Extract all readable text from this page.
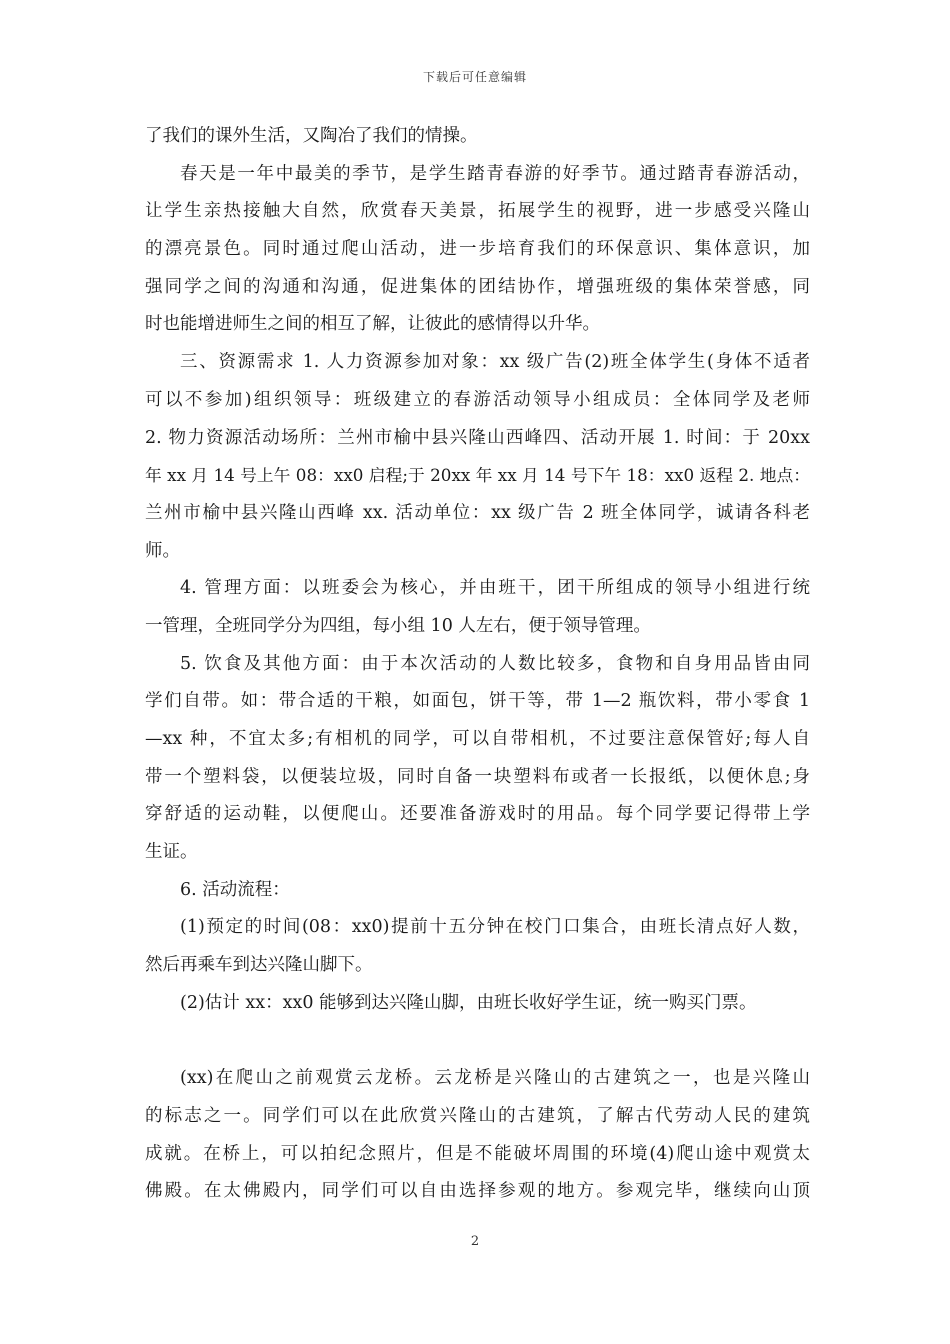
下载后可任意编辑
了我们的课外生活，又陶冶了我们的情操。
春天是一年中最美的季节，是学生踏青春游的好季节。通过踏青春游活动，
让学生亲热接触大自然，欣赏春天美景，拓展学生的视野，进一步感受兴隆山
的漂亮景色。同时通过爬山活动，进一步培育我们的环保意识、集体意识，加
强同学之间的沟通和沟通，促进集体的团结协作，增强班级的集体荣誉感，同
时也能增进师生之间的相互了解，让彼此的感情得以升华。
三、资源需求 1. 人力资源参加对象：xx 级广告(2)班全体学生(身体不适者
可以不参加)组织领导：班级建立的春游活动领导小组成员：全体同学及老师
2. 物力资源活动场所：兰州市榆中县兴隆山西峰四、活动开展 1. 时间：于 20xx
年 xx 月 14 号上午 08：xx0 启程;于 20xx 年 xx 月 14 号下午 18：xx0 返程 2. 地点：
兰州市榆中县兴隆山西峰 xx. 活动单位：xx 级广告 2 班全体同学，诚请各科老
师。
4. 管理方面：以班委会为核心，并由班干，团干所组成的领导小组进行统
一管理，全班同学分为四组，每小组 10 人左右，便于领导管理。
5. 饮食及其他方面：由于本次活动的人数比较多，食物和自身用品皆由同
学们自带。如：带合适的干粮，如面包，饼干等，带 1—2 瓶饮料，带小零食 1
—xx 种，不宜太多;有相机的同学，可以自带相机，不过要注意保管好;每人自
带一个塑料袋，以便装垃圾，同时自备一块塑料布或者一长报纸，以便休息;身
穿舒适的运动鞋，以便爬山。还要准备游戏时的用品。每个同学要记得带上学
生证。
6. 活动流程：
(1)预定的时间(08：xx0)提前十五分钟在校门口集合，由班长清点好人数，
然后再乘车到达兴隆山脚下。
(2)估计 xx：xx0 能够到达兴隆山脚，由班长收好学生证，统一购买门票。
(xx)在爬山之前观赏云龙桥。云龙桥是兴隆山的古建筑之一，也是兴隆山
的标志之一。同学们可以在此欣赏兴隆山的古建筑，了解古代劳动人民的建筑
成就。在桥上，可以拍纪念照片，但是不能破坏周围的环境(4)爬山途中观赏太
佛殿。在太佛殿内，同学们可以自由选择参观的地方。参观完毕，继续向山顶
2
